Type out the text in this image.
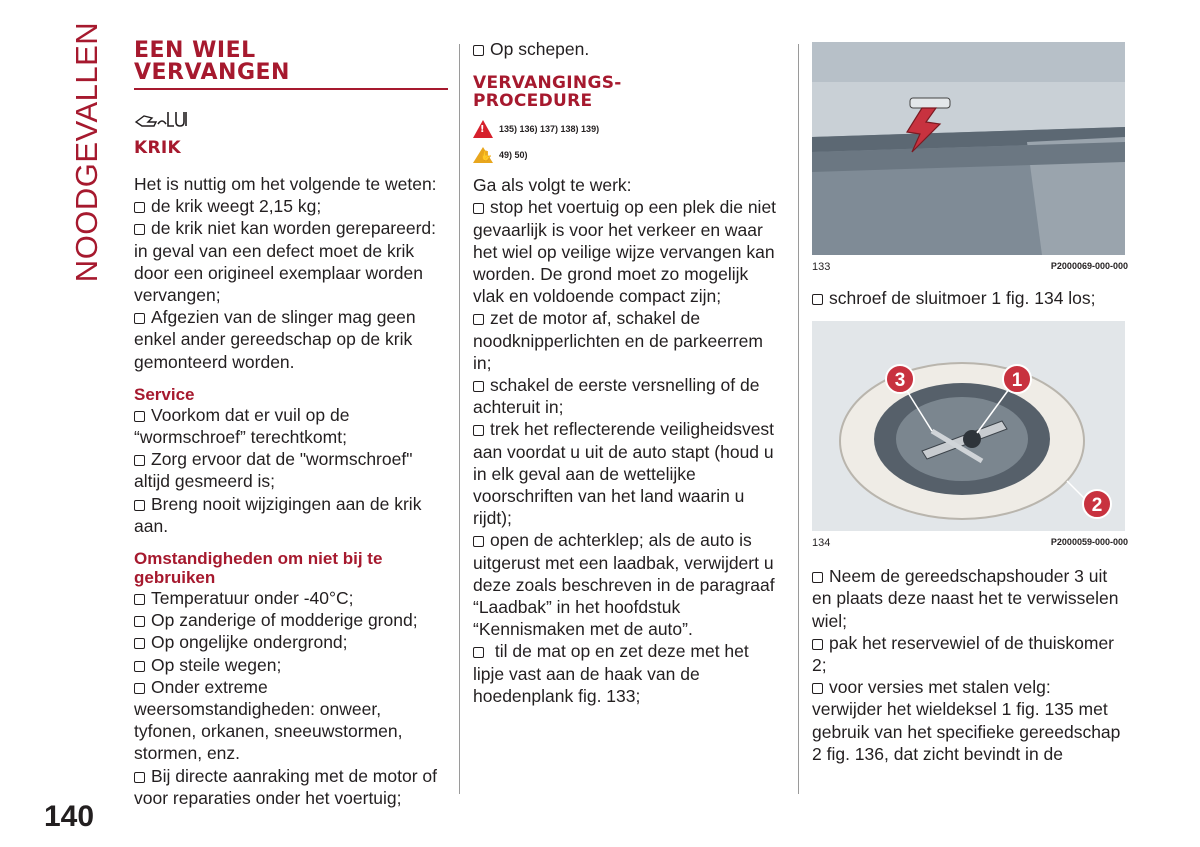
NOODGEVALLEN EEN WIEL
VERVANGEN
KRIK

Het is nuttig om het volgende te weten:

de krik weegt 2,15 kg;

de krik niet kan worden gerepareerd:

in geval van een defect moet de krik

door een origineel exemplaar worden

vervangen;

Afgezien van de slinger mag geen

enkel ander gereedschap op de krik

gemonteerd worden.

Service

Voorkom dat er vuil op de

“wormschroef” terechtkomt;

Zorg ervoor dat de "wormschroef"

altijd gesmeerd is;

Breng nooit wijzigingen aan de krik

aan.

Omstandigheden om niet bij te
gebruiken

Temperatuur onder -40°C;

Op zanderige of modderige grond;

Op ongelijke ondergrond;

Op steile wegen;

Onder extreme

weersomstandigheden: onweer,

tyfonen, orkanen, sneeuwstormen,

stormen, enz.

Bij directe aanraking met de motor of

voor reparaties onder het voertuig;

Op schepen.

VERVANGINGS-
PROCEDURE
! 135) 136) 137) 138) 139)
✋ 49) 50)

Ga als volgt te werk:

stop het voertuig op een plek die niet

gevaarlijk is voor het verkeer en waar

het wiel op veilige wijze vervangen kan

worden. De grond moet zo mogelijk

vlak en voldoende compact zijn;

zet de motor af, schakel de

noodknipperlichten en de parkeerrem

in;

schakel de eerste versnelling of de

achteruit in;

trek het reflecterende veiligheidsvest

aan voordat u uit de auto stapt (houd u

in elk geval aan de wettelijke

voorschriften van het land waarin u

rijdt);

open de achterklep; als de auto is

uitgerust met een laadbak, verwijdert u

deze zoals beschreven in de paragraaf

“Laadbak” in het hoofdstuk

“Kennismaken met de auto”.

til de mat op en zet deze met het

lipje vast aan de haak van de

hoedenplank fig. 133;

133	P2000069-000-000

schroef de sluitmoer 1 fig. 134 los;

1
3
2
134	P2000059-000-000

Neem de gereedschapshouder 3 uit

en plaats deze naast het te verwisselen

wiel;

pak het reservewiel of de thuiskomer

2;

voor versies met stalen velg:

verwijder het wieldeksel 1 fig. 135 met

gebruik van het specifieke gereedschap

2 fig. 136, dat zicht bevindt in de

140
